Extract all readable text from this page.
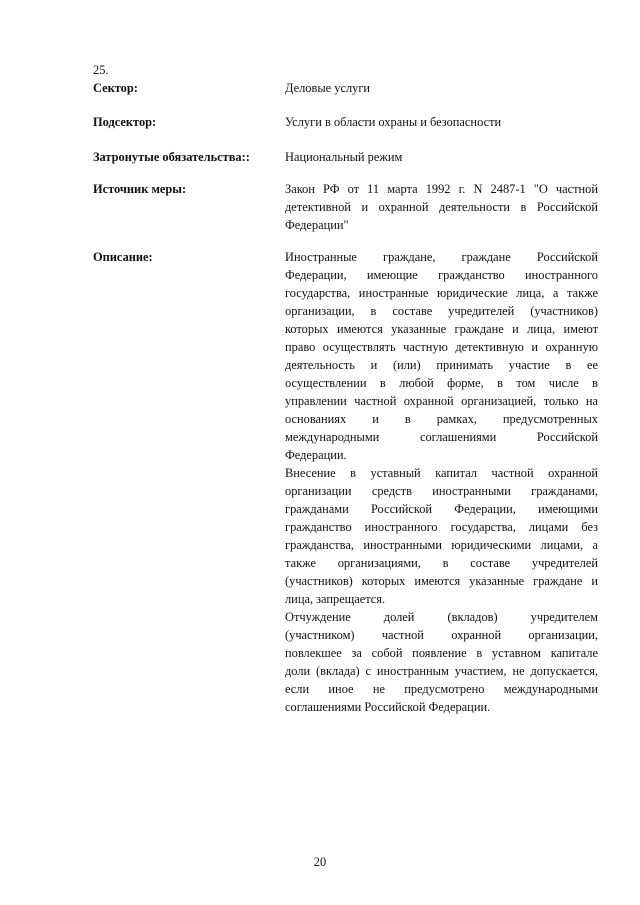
25.
Сектор:	Деловые услуги
Подсектор:	Услуги в области охраны и безопасности
Затронутые обязательства::	Национальный режим
Источник меры:	Закон РФ от 11 марта 1992 г. N 2487-1 "О частной
детективной и охранной деятельности в Российской
Федерации"
Описание:	Иностранные граждане, граждане Российской
Федерации, имеющие гражданство иностранного
государства, иностранные юридические лица, а также
организации, в составе учредителей (участников)
которых имеются указанные граждане и лица, имеют
право осуществлять частную детективную и охранную
деятельность и (или) принимать участие в ее
осуществлении в любой форме, в том числе в
управлении частной охранной организацией, только на
основаниях и в рамках, предусмотренных
международными соглашениями Российской
Федерации.
Внесение в уставный капитал частной охранной
организации средств иностранными гражданами,
гражданами Российской Федерации, имеющими
гражданство иностранного государства, лицами без
гражданства, иностранными юридическими лицами, а
также организациями, в составе учредителей
(участников) которых имеются указанные граждане и
лица, запрещается.
Отчуждение долей (вкладов) учредителем
(участником) частной охранной организации,
повлекшее за собой появление в уставном капитале
доли (вклада) с иностранным участием, не допускается,
если иное не предусмотрено международными
соглашениями Российской Федерации.
20
